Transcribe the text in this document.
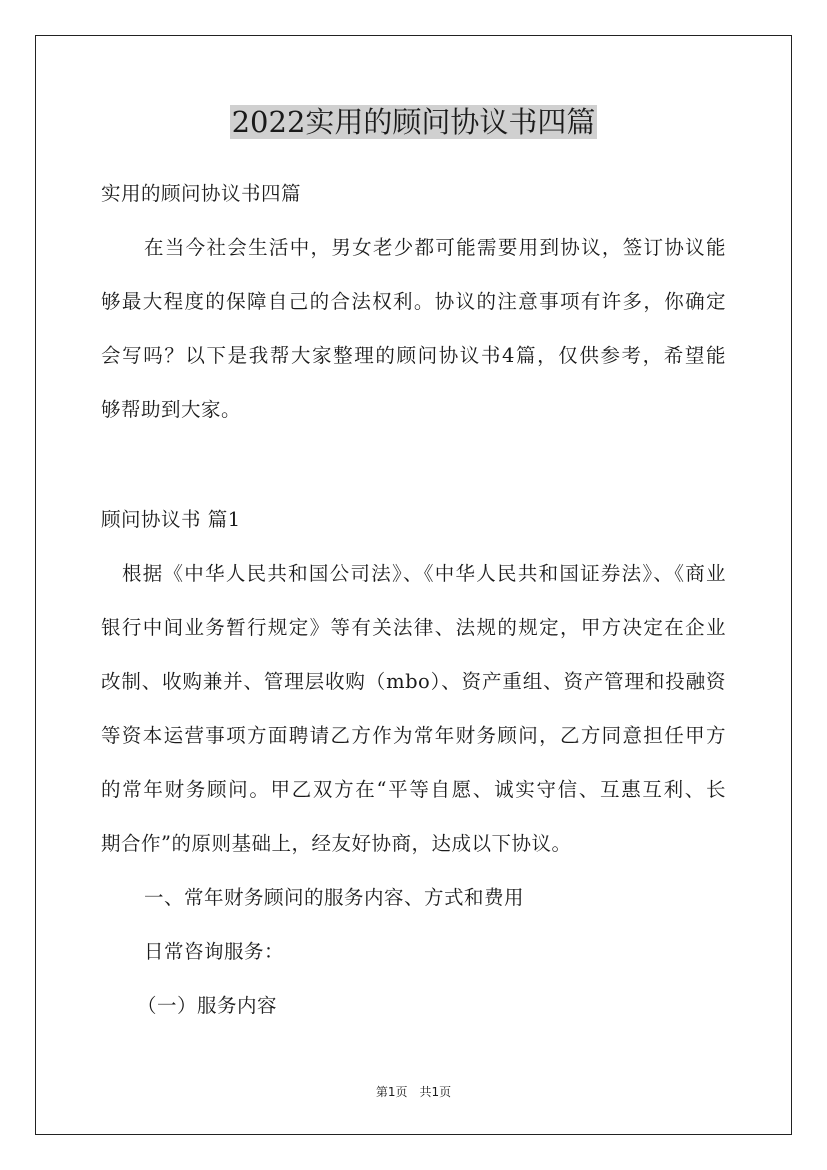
2022实用的顾问协议书四篇
实用的顾问协议书四篇
在当今社会生活中，男女老少都可能需要用到协议，签订协议能
够最大程度的保障自己的合法权利。协议的注意事项有许多，你确定
会写吗？以下是我帮大家整理的顾问协议书4篇，仅供参考，希望能
够帮助到大家。
顾问协议书 篇1
根据《中华人民共和国公司法》、《中华人民共和国证券法》、《商业
银行中间业务暂行规定》等有关法律、法规的规定，甲方决定在企业
改制、收购兼并、管理层收购（mbo）、资产重组、资产管理和投融资
等资本运营事项方面聘请乙方作为常年财务顾问，乙方同意担任甲方
的常年财务顾问。甲乙双方在“平等自愿、诚实守信、互惠互利、长
期合作”的原则基础上，经友好协商，达成以下协议。
一、常年财务顾问的服务内容、方式和费用
日常咨询服务：
（一）服务内容
第1页　共1页
